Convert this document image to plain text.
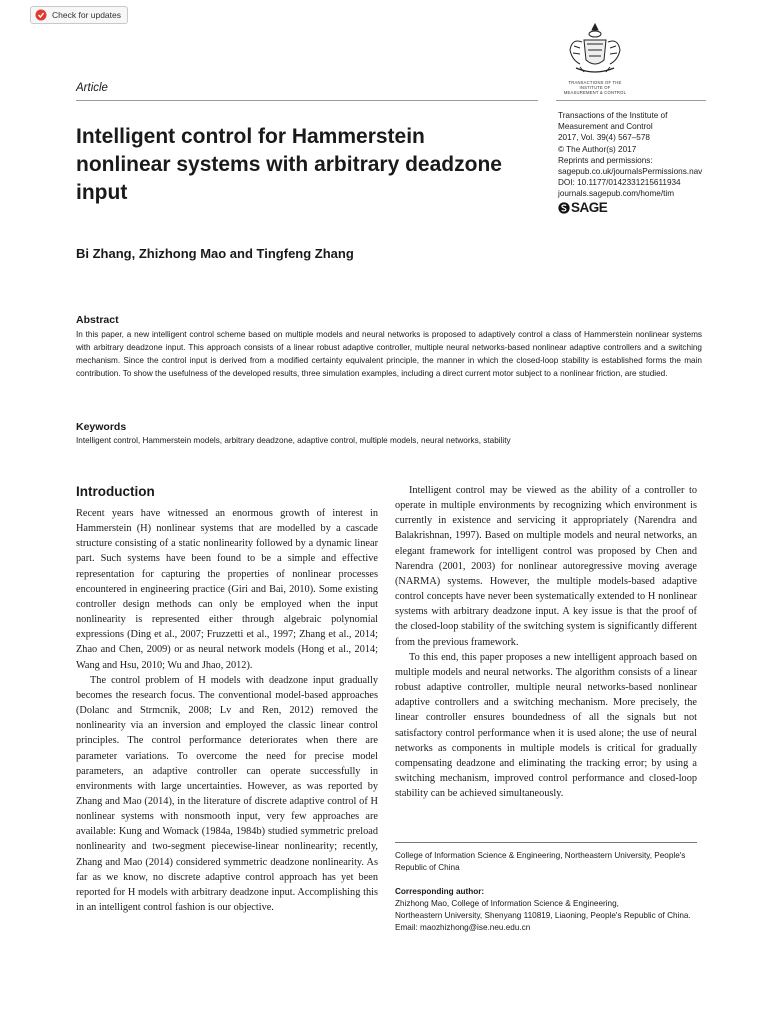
Check for updates
TRANSACTIONS OF THE
INSTITUTE OF
MEASUREMENT & CONTROL
Article
Intelligent control for Hammerstein nonlinear systems with arbitrary deadzone input
Transactions of the Institute of
Measurement and Control
2017, Vol. 39(4) 567–578
© The Author(s) 2017
Reprints and permissions:
sagepub.co.uk/journalsPermissions.nav
DOI: 10.1177/0142331215611934
journals.sagepub.com/home/tim
SAGE
Bi Zhang, Zhizhong Mao and Tingfeng Zhang
Abstract
In this paper, a new intelligent control scheme based on multiple models and neural networks is proposed to adaptively control a class of Hammerstein nonlinear systems with arbitrary deadzone input. This approach consists of a linear robust adaptive controller, multiple neural networks-based nonlinear adaptive controllers and a switching mechanism. Since the control input is derived from a modified certainty equivalent principle, the manner in which the closed-loop stability is established forms the main contribution. To show the usefulness of the developed results, three simulation examples, including a direct current motor subject to a nonlinear friction, are studied.
Keywords
Intelligent control, Hammerstein models, arbitrary deadzone, adaptive control, multiple models, neural networks, stability
Introduction

Recent years have witnessed an enormous growth of interest in Hammerstein (H) nonlinear systems that are modelled by a cascade structure consisting of a static nonlinearity followed by a dynamic linear part. Such systems have been found to be a simple and effective representation for capturing the properties of nonlinear processes encountered in engineering practice (Giri and Bai, 2010). Some existing controller design methods can only be employed when the input nonlinearity is represented either through algebraic polynomial expressions (Ding et al., 2007; Fruzzetti et al., 1997; Zhang et al., 2014; Zhao and Chen, 2009) or as neural network models (Hong et al., 2014; Wang and Hsu, 2010; Wu and Jhao, 2012).

The control problem of H models with deadzone input gradually becomes the research focus. The conventional model-based approaches (Dolanc and Strmcnik, 2008; Lv and Ren, 2012) removed the nonlinearity via an inversion and employed the classic linear control principles. The control performance deteriorates when there are parameter variations. To overcome the need for precise model parameters, an adaptive controller can operate successfully in environments with large uncertainties. However, as was reported by Zhang and Mao (2014), in the literature of discrete adaptive control of H nonlinear systems with nonsmooth input, very few approaches are available: Kung and Womack (1984a, 1984b) studied symmetric preload nonlinearity and two-segment piecewise-linear nonlinearity; recently, Zhang and Mao (2014) considered symmetric deadzone nonlinearity. As far as we know, no discrete adaptive control approach has yet been reported for H models with arbitrary deadzone input. Accomplishing this in an intelligent control fashion is our objective.

Intelligent control may be viewed as the ability of a controller to operate in multiple environments by recognizing which environment is currently in existence and servicing it appropriately (Narendra and Balakrishnan, 1997). Based on multiple models and neural networks, an elegant framework for intelligent control was proposed by Chen and Narendra (2001, 2003) for nonlinear autoregressive moving average (NARMA) systems. However, the multiple models-based adaptive control concepts have never been systematically extended to H nonlinear systems with arbitrary deadzone input. A key issue is that the proof of the closed-loop stability of the switching system is significantly different from the previous framework.

To this end, this paper proposes a new intelligent approach based on multiple models and neural networks. The algorithm consists of a linear robust adaptive controller, multiple neural networks-based nonlinear adaptive controllers and a switching mechanism. More precisely, the linear controller ensures boundedness of all the signals but not satisfactory control performance when it is used alone; the use of neural networks as components in multiple models is critical for gradually compensating deadzone and eliminating the tracking error; by using a switching mechanism, improved control performance and closed-loop stability can be achieved simultaneously.

College of Information Science & Engineering, Northeastern University, People's Republic of China
Corresponding author:
Zhizhong Mao, College of Information Science & Engineering,
Northeastern University, Shenyang 110819, Liaoning, People's Republic of China.
Email: maozhizhong@ise.neu.edu.cn
